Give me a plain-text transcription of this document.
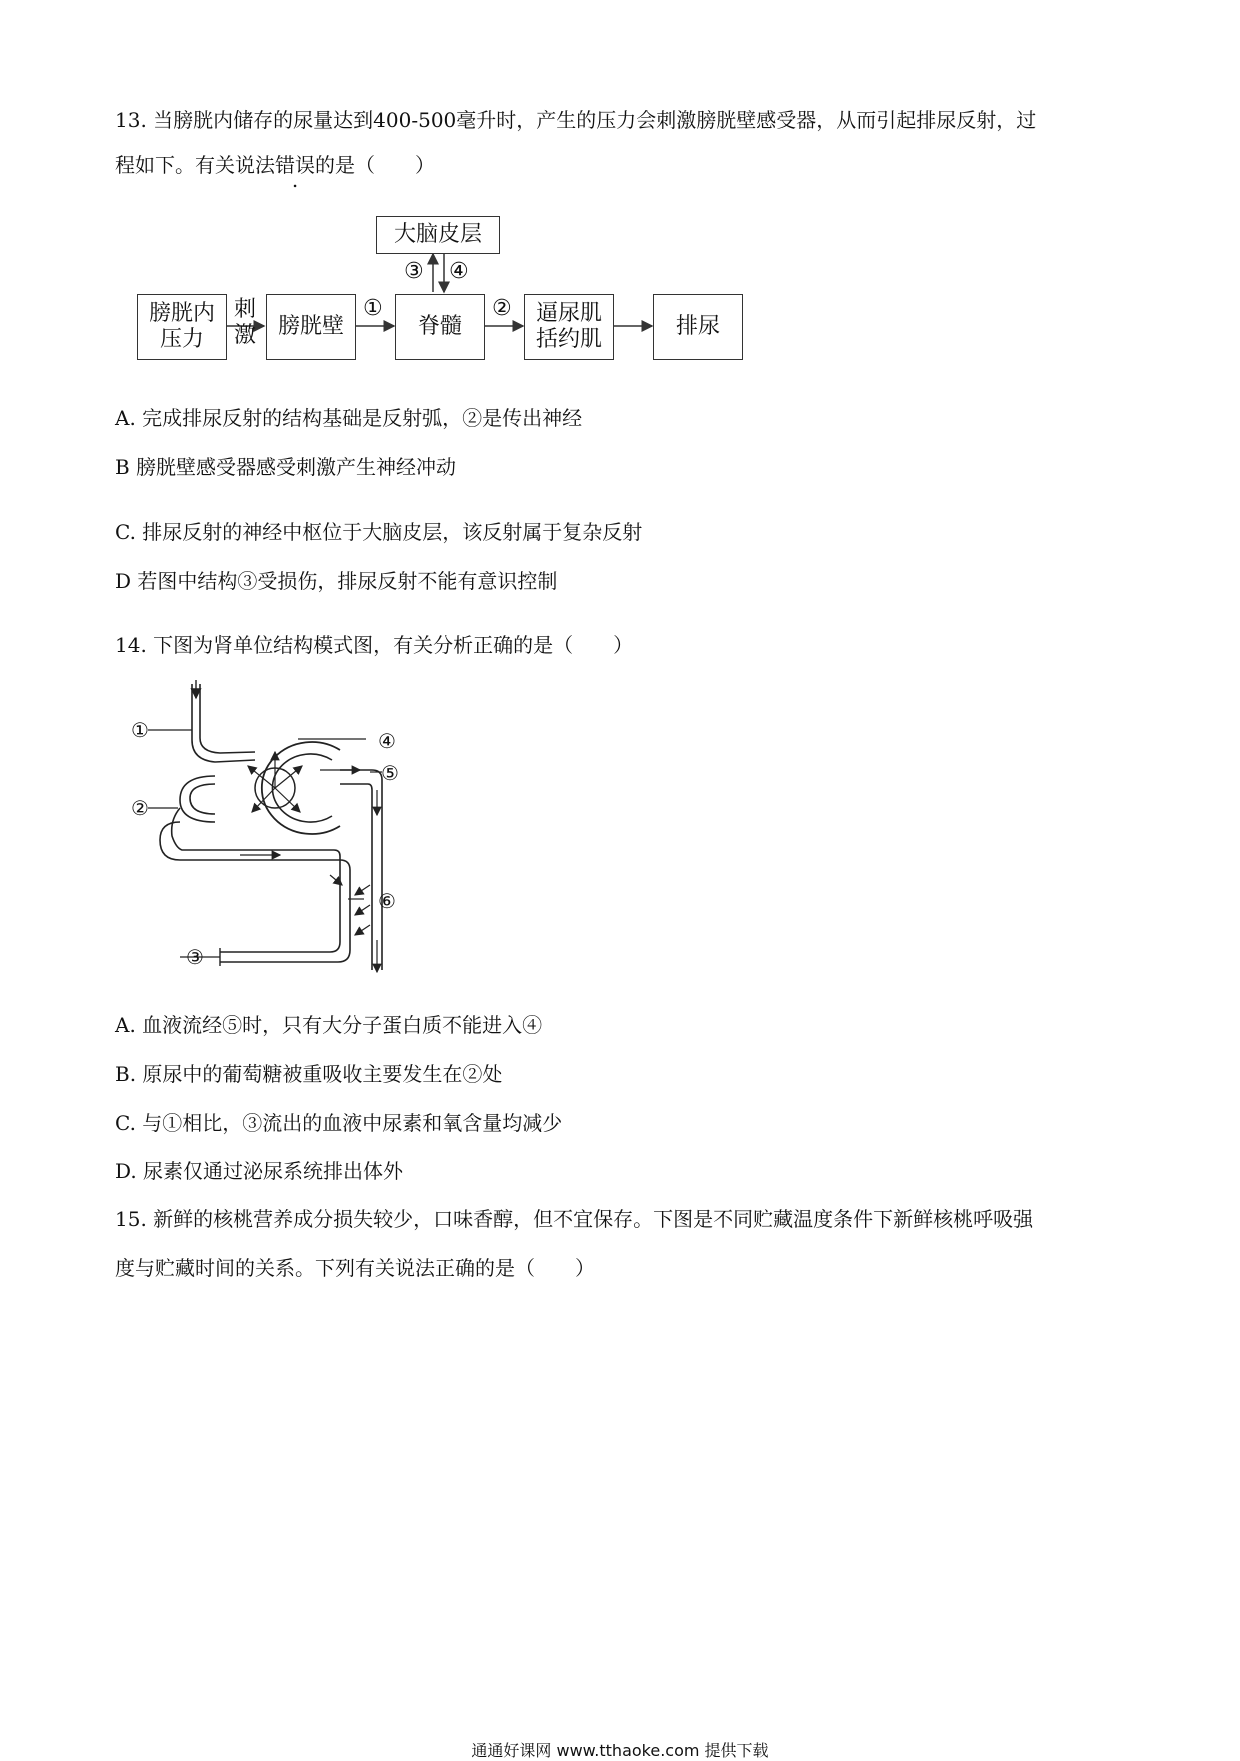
13. 当膀胱内储存的尿量达到400-500毫升时，产生的压力会刺激膀胱壁感受器，从而引起排尿反射，过
程如下。有关说法错误的是（　　）
大脑皮层
膀胱内
压力
刺
激 膀胱壁	脊髓
逼尿肌
括约肌
排尿
①	②
③ ④
A. 完成排尿反射的结构基础是反射弧，②是传出神经
B 膀胱壁感受器感受刺激产生神经冲动
C. 排尿反射的神经中枢位于大脑皮层，该反射属于复杂反射
D 若图中结构③受损伤，排尿反射不能有意识控制
14. 下图为肾单位结构模式图，有关分析正确的是（　　）
①
②
③
④
⑤
⑥
A. 血液流经⑤时，只有大分子蛋白质不能进入④
B. 原尿中的葡萄糖被重吸收主要发生在②处
C. 与①相比，③流出的血液中尿素和氧含量均减少
D. 尿素仅通过泌尿系统排出体外
15. 新鲜的核桃营养成分损失较少，口味香醇，但不宜保存。下图是不同贮藏温度条件下新鲜核桃呼吸强
度与贮藏时间的关系。下列有关说法正确的是（　　）
通通好课网 www.tthaoke.com 提供下载
